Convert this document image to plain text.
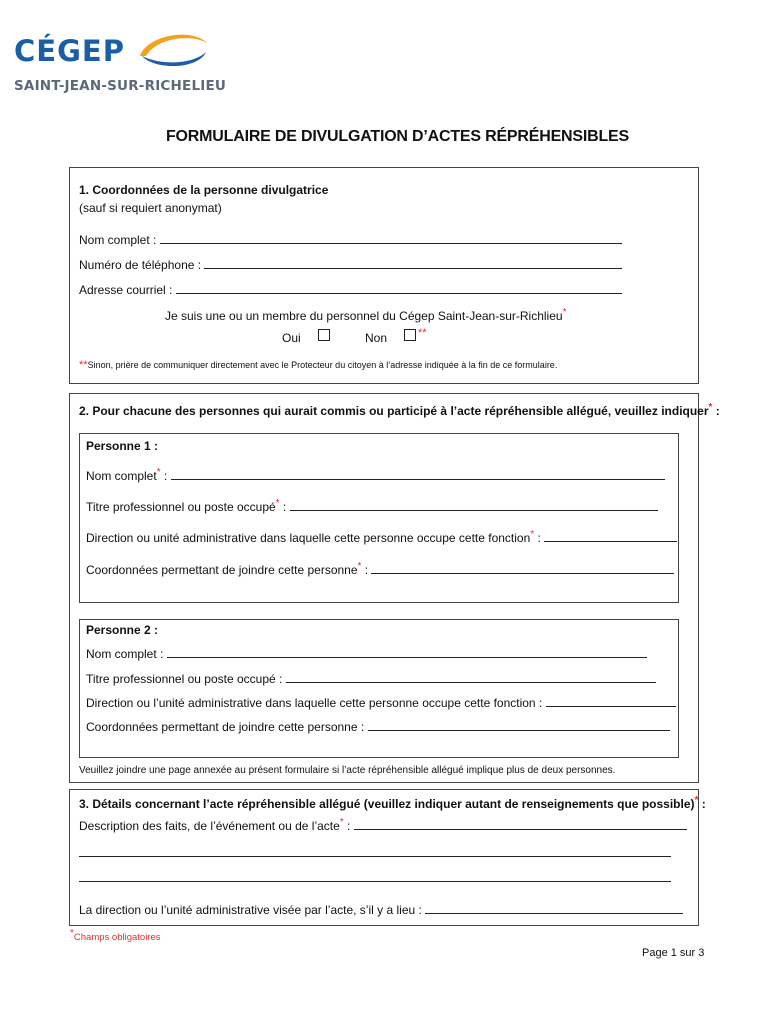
CÉGEP
SAINT-JEAN-SUR-RICHELIEU
FORMULAIRE DE DIVULGATION D’ACTES RÉPRÉHENSIBLES
1. Coordonnées de la personne divulgatrice
(sauf si requiert anonymat)
Nom complet :
Numéro de téléphone :
Adresse courriel :
Je suis une ou un membre du personnel du Cégep Saint-Jean-sur-Richlieu*
Oui	Non	**
**Sinon, prière de communiquer directement avec le Protecteur du citoyen à l’adresse indiquée à la fin de ce formulaire.
2. Pour chacune des personnes qui aurait commis ou participé à l’acte répréhensible allégué, veuillez indiquer* :
Personne 1 :
Nom complet* :
Titre professionnel ou poste occupé* :
Direction ou unité administrative dans laquelle cette personne occupe cette fonction* :
Coordonnées permettant de joindre cette personne* :
Personne 2 :
Nom complet :
Titre professionnel ou poste occupé :
Direction ou l’unité administrative dans laquelle cette personne occupe cette fonction :
Coordonnées permettant de joindre cette personne :
Veuillez joindre une page annexée au présent formulaire si l’acte répréhensible allégué implique plus de deux personnes.
3. Détails concernant l’acte répréhensible allégué (veuillez indiquer autant de renseignements que possible)* :
Description des faits, de l’événement ou de l’acte* :
La direction ou l’unité administrative visée par l’acte, s’il y a lieu :
*Champs obligatoires
Page 1 sur 3
